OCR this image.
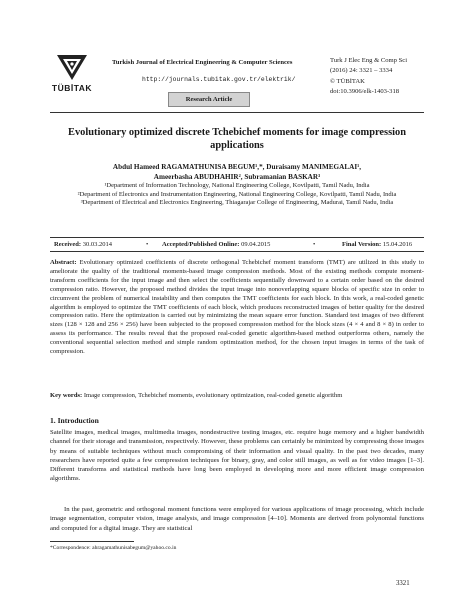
TÜBİTAK
Turkish Journal of Electrical Engineering & Computer Sciences
http://journals.tubitak.gov.tr/elektrik/
Research Article
Turk J Elec Eng & Comp Sci
(2016) 24: 3321 – 3334
© TÜBİTAK
doi:10.3906/elk-1403-318
Evolutionary optimized discrete Tchebichef moments for image compression applications
Abdul Hameed RAGAMATHUNISA BEGUM¹,*, Duraisamy MANIMEGALAI¹,
Ameerbasha ABUDHAHIR², Subramanian BASKAR³
¹Department of Information Technology, National Engineering College, Kovilpatti, Tamil Nadu, India
²Department of Electronics and Instrumentation Engineering, National Engineering College, Kovilpatti, Tamil Nadu, India
³Department of Electrical and Electronics Engineering, Thiagarajar College of Engineering, Madurai, Tamil Nadu, India
Received: 30.03.2014	• Accepted/Published Online: 09.04.2015	•	Final Version: 15.04.2016
Abstract: Evolutionary optimized coefficients of discrete orthogonal Tchebichef moment transform (TMT) are utilized in this study to ameliorate the quality of the traditional moments-based image compression methods. Most of the existing methods compute moment-transform coefficients for the input image and then select the coefficients sequentially downward to a certain order based on the desired compression ratio. However, the proposed method divides the input image into nonoverlapping square blocks of specific size in order to circumvent the problem of numerical instability and then computes the TMT coefficients for each block. In this work, a real-coded genetic algorithm is employed to optimize the TMT coefficients of each block, which produces reconstructed images of better quality for the desired compression ratio. Here the optimization is carried out by minimizing the mean square error function. Standard test images of two different sizes (128 × 128 and 256 × 256) have been subjected to the proposed compression method for the block sizes (4 × 4 and 8 × 8) in order to assess its performance. The results reveal that the proposed real-coded genetic algorithm-based method outperforms others, namely the conventional sequential selection method and simple random optimization method, for the chosen input images in terms of the task of compression.
Key words: Image compression, Tchebichef moments, evolutionary optimization, real-coded genetic algorithm
1. Introduction
Satellite images, medical images, multimedia images, nondestructive testing images, etc. require huge memory and a higher bandwidth channel for their storage and transmission, respectively. However, these problems can certainly be minimized by compressing those images by means of suitable techniques without much compromising of their information and visual quality. In the past two decades, many researchers have reported quite a few compression techniques for binary, gray, and color still images, as well as for video images [1–3]. Different transforms and statistical methods have long been employed in developing more and more efficient image compression algorithms.
In the past, geometric and orthogonal moment functions were employed for various applications of image processing, which include image segmentation, computer vision, image analysis, and image compression [4–10]. Moments are derived from polynomial functions and computed for a digital image. They are statistical
*Correspondence: ahragamathunisabegum@yahoo.co.in
3321
